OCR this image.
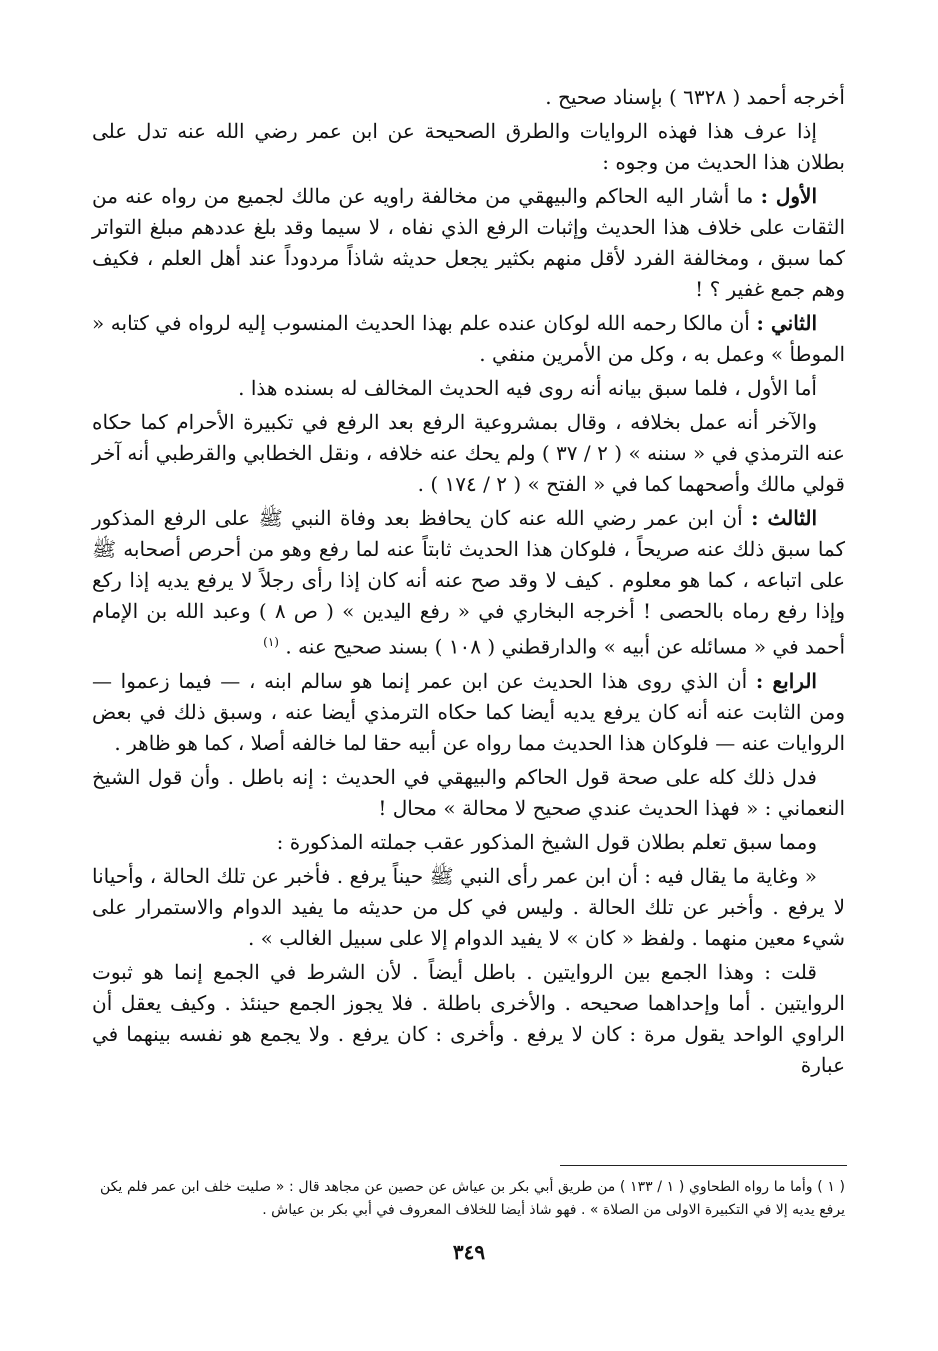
أخرجه أحمد ( ٦٣٢٨ ) بإسناد صحيح .

إذا عرف هذا فهذه الروايات والطرق الصحيحة عن ابن عمر رضي الله عنه تدل على بطلان هذا الحديث من وجوه :

الأول : ما أشار اليه الحاكم والبيهقي من مخالفة راويه عن مالك لجميع من رواه عنه من الثقات على خلاف هذا الحديث وإثبات الرفع الذي نفاه ، لا سيما وقد بلغ عددهم مبلغ التواتر كما سبق ، ومخالفة الفرد لأقل منهم بكثير يجعل حديثه شاذاً مردوداً عند أهل العلم ، فكيف وهم جمع غفير ؟ !

الثاني : أن مالكا رحمه الله لوكان عنده علم بهذا الحديث المنسوب إليه لرواه في كتابه « الموطأ » وعمل به ، وكل من الأمرين منفي .

أما الأول ، فلما سبق بيانه أنه روى فيه الحديث المخالف له بسنده هذا .

والآخر أنه عمل بخلافه ، وقال بمشروعية الرفع بعد الرفع في تكبيرة الأحرام كما حكاه عنه الترمذي في « سننه » ( ٢ / ٣٧ ) ولم يحك عنه خلافه ، ونقل الخطابي والقرطبي أنه آخر قولي مالك وأصحهما كما في « الفتح » ( ٢ / ١٧٤ ) .

الثالث : أن ابن عمر رضي الله عنه كان يحافظ بعد وفاة النبي ﷺ على الرفع المذكور كما سبق ذلك عنه صريحاً ، فلوكان هذا الحديث ثابتاً عنه لما رفع وهو من أحرص أصحابه ﷺ على اتباعه ، كما هو معلوم . كيف لا وقد صح عنه أنه كان إذا رأى رجلاً لا يرفع يديه إذا ركع وإذا رفع رماه بالحصى ! أخرجه البخاري في « رفع اليدين » ( ص ٨ ) وعبد الله بن الإمام أحمد في « مسائله عن أبيه » والدارقطني ( ١٠٨ ) بسند صحيح عنه . $^{(١)}$

الرابع : أن الذي روى هذا الحديث عن ابن عمر إنما هو سالم ابنه ، — فيما زعموا — ومن الثابت عنه أنه كان يرفع يديه أيضا كما حكاه الترمذي أيضا عنه ، وسبق ذلك في بعض الروايات عنه — فلوكان هذا الحديث مما رواه عن أبيه حقا لما خالفه أصلا ، كما هو ظاهر .

فدل ذلك كله على صحة قول الحاكم والبيهقي في الحديث : إنه باطل . وأن قول الشيخ النعماني : « فهذا الحديث عندي صحيح لا محالة » محال !

ومما سبق تعلم بطلان قول الشيخ المذكور عقب جملته المذكورة :

« وغاية ما يقال فيه : أن ابن عمر رأى النبي ﷺ حيناً يرفع . فأخبر عن تلك الحالة ، وأحيانا لا يرفع . وأخبر عن تلك الحالة . وليس في كل من حديثه ما يفيد الدوام والاستمرار على شيء معين منهما . ولفظ « كان » لا يفيد الدوام إلا على سبيل الغالب » .

قلت : وهذا الجمع بين الروايتين . باطل أيضاً . لأن الشرط في الجمع إنما هو ثبوت الروايتين . أما وإحداهما صحيحه . والأخرى باطلة . فلا يجوز الجمع حينئذ . وكيف يعقل أن الراوي الواحد يقول مرة : كان لا يرفع . وأخرى : كان يرفع . ولا يجمع هو نفسه بينهما في عبارة

( ١ ) وأما ما رواه الطحاوي ( ١ / ١٣٣ ) من طريق أبي بكر بن عياش عن حصين عن مجاهد قال : « صليت خلف ابن عمر فلم يكن يرفع يديه إلا في التكبيرة الاولى من الصلاة » . فهو شاذ أيضا للخلاف المعروف في أبي بكر بن عياش .
٣٤٩
